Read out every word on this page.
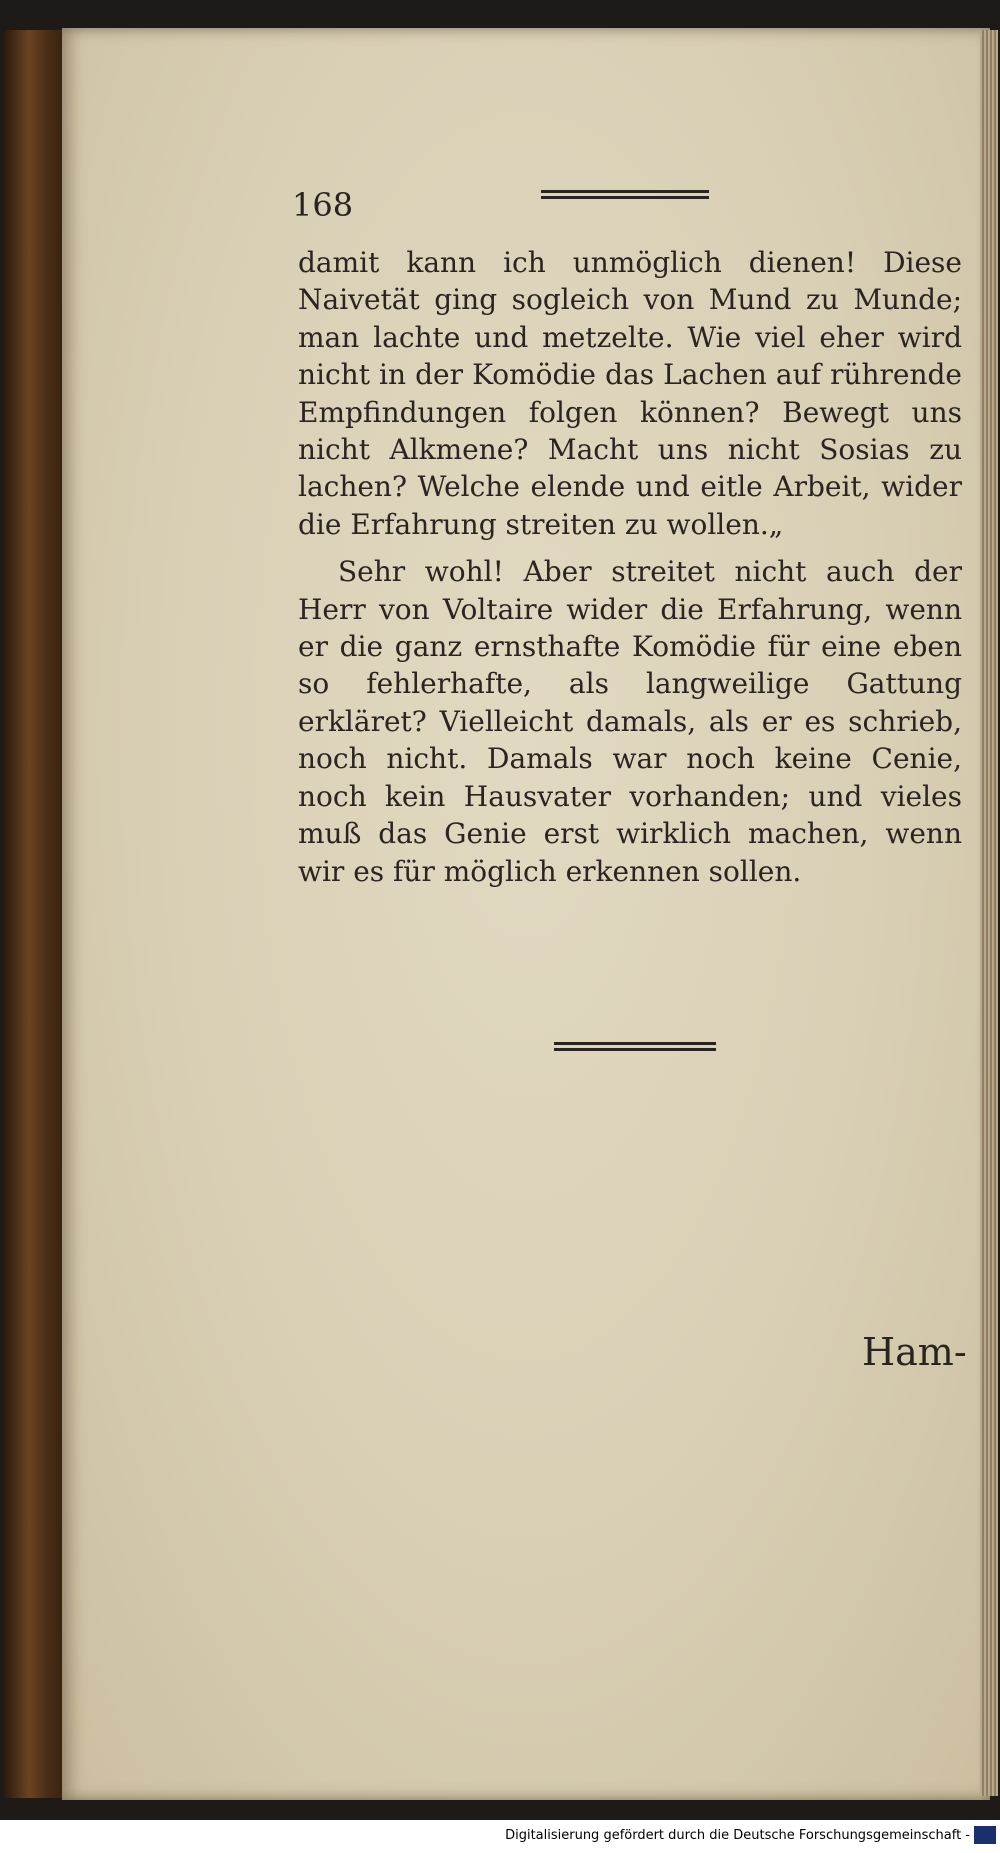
168

damit kann ich unmöglich dienen! Diese Naivetät ging sogleich von Mund zu Munde; man lachte und metzelte. Wie viel eher wird nicht in der Komödie das Lachen auf rührende Empfindungen folgen können? Bewegt uns nicht Alkmene? Macht uns nicht Sosias zu lachen? Welche elende und eitle Arbeit, wider die Erfahrung streiten zu wollen.„

Sehr wohl! Aber streitet nicht auch der Herr von Voltaire wider die Erfahrung, wenn er die ganz ernsthafte Komödie für eine eben so fehlerhafte, als langweilige Gattung erkläret? Vielleicht damals, als er es schrieb, noch nicht. Damals war noch keine Cenie, noch kein Hausvater vorhanden; und vieles muß das Genie erst wirklich machen, wenn wir es für möglich erkennen sollen.

Ham-
Digitalisierung gefördert durch die Deutsche Forschungsgemeinschaft -
